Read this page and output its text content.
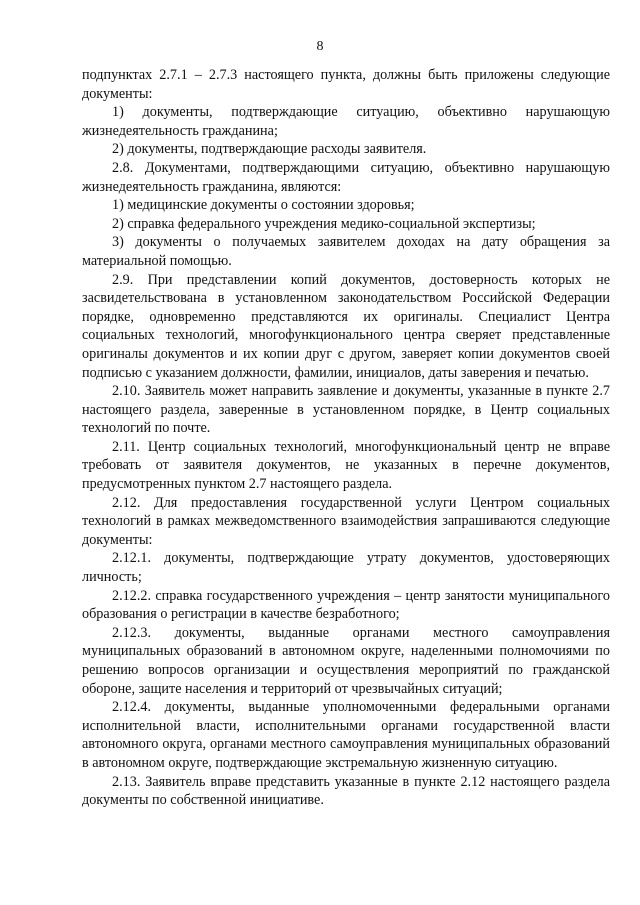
8

подпунктах 2.7.1 – 2.7.3 настоящего пункта, должны быть приложены следующие документы:

1) документы, подтверждающие ситуацию, объективно нарушающую жизнедеятельность гражданина;

2) документы, подтверждающие расходы заявителя.

2.8. Документами, подтверждающими ситуацию, объективно нарушающую жизнедеятельность гражданина, являются:

1) медицинские документы о состоянии здоровья;

2) справка федерального учреждения медико-социальной экспертизы;

3) документы о получаемых заявителем доходах на дату обращения за материальной помощью.

2.9. При представлении копий документов, достоверность которых не засвидетельствована в установленном законодательством Российской Федерации порядке, одновременно представляются их оригиналы. Специалист Центра социальных технологий, многофункционального центра сверяет представленные оригиналы документов и их копии друг с другом, заверяет копии документов своей подписью с указанием должности, фамилии, инициалов, даты заверения и печатью.

2.10. Заявитель может направить заявление и документы, указанные в пункте 2.7 настоящего раздела, заверенные в установленном порядке, в Центр социальных технологий по почте.

2.11. Центр социальных технологий, многофункциональный центр не вправе требовать от заявителя документов, не указанных в перечне документов, предусмотренных пунктом 2.7 настоящего раздела.

2.12. Для предоставления государственной услуги Центром социальных технологий в рамках межведомственного взаимодействия запрашиваются следующие документы:

2.12.1. документы, подтверждающие утрату документов, удостоверяющих личность;

2.12.2. справка государственного учреждения – центр занятости муниципального образования о регистрации в качестве безработного;

2.12.3. документы, выданные органами местного самоуправления муниципальных образований в автономном округе, наделенными полномочиями по решению вопросов организации и осуществления мероприятий по гражданской обороне, защите населения и территорий от чрезвычайных ситуаций;

2.12.4. документы, выданные уполномоченными федеральными органами исполнительной власти, исполнительными органами государственной власти автономного округа, органами местного самоуправления муниципальных образований в автономном округе, подтверждающие экстремальную жизненную ситуацию.

2.13. Заявитель вправе представить указанные в пункте 2.12 настоящего раздела документы по собственной инициативе.
